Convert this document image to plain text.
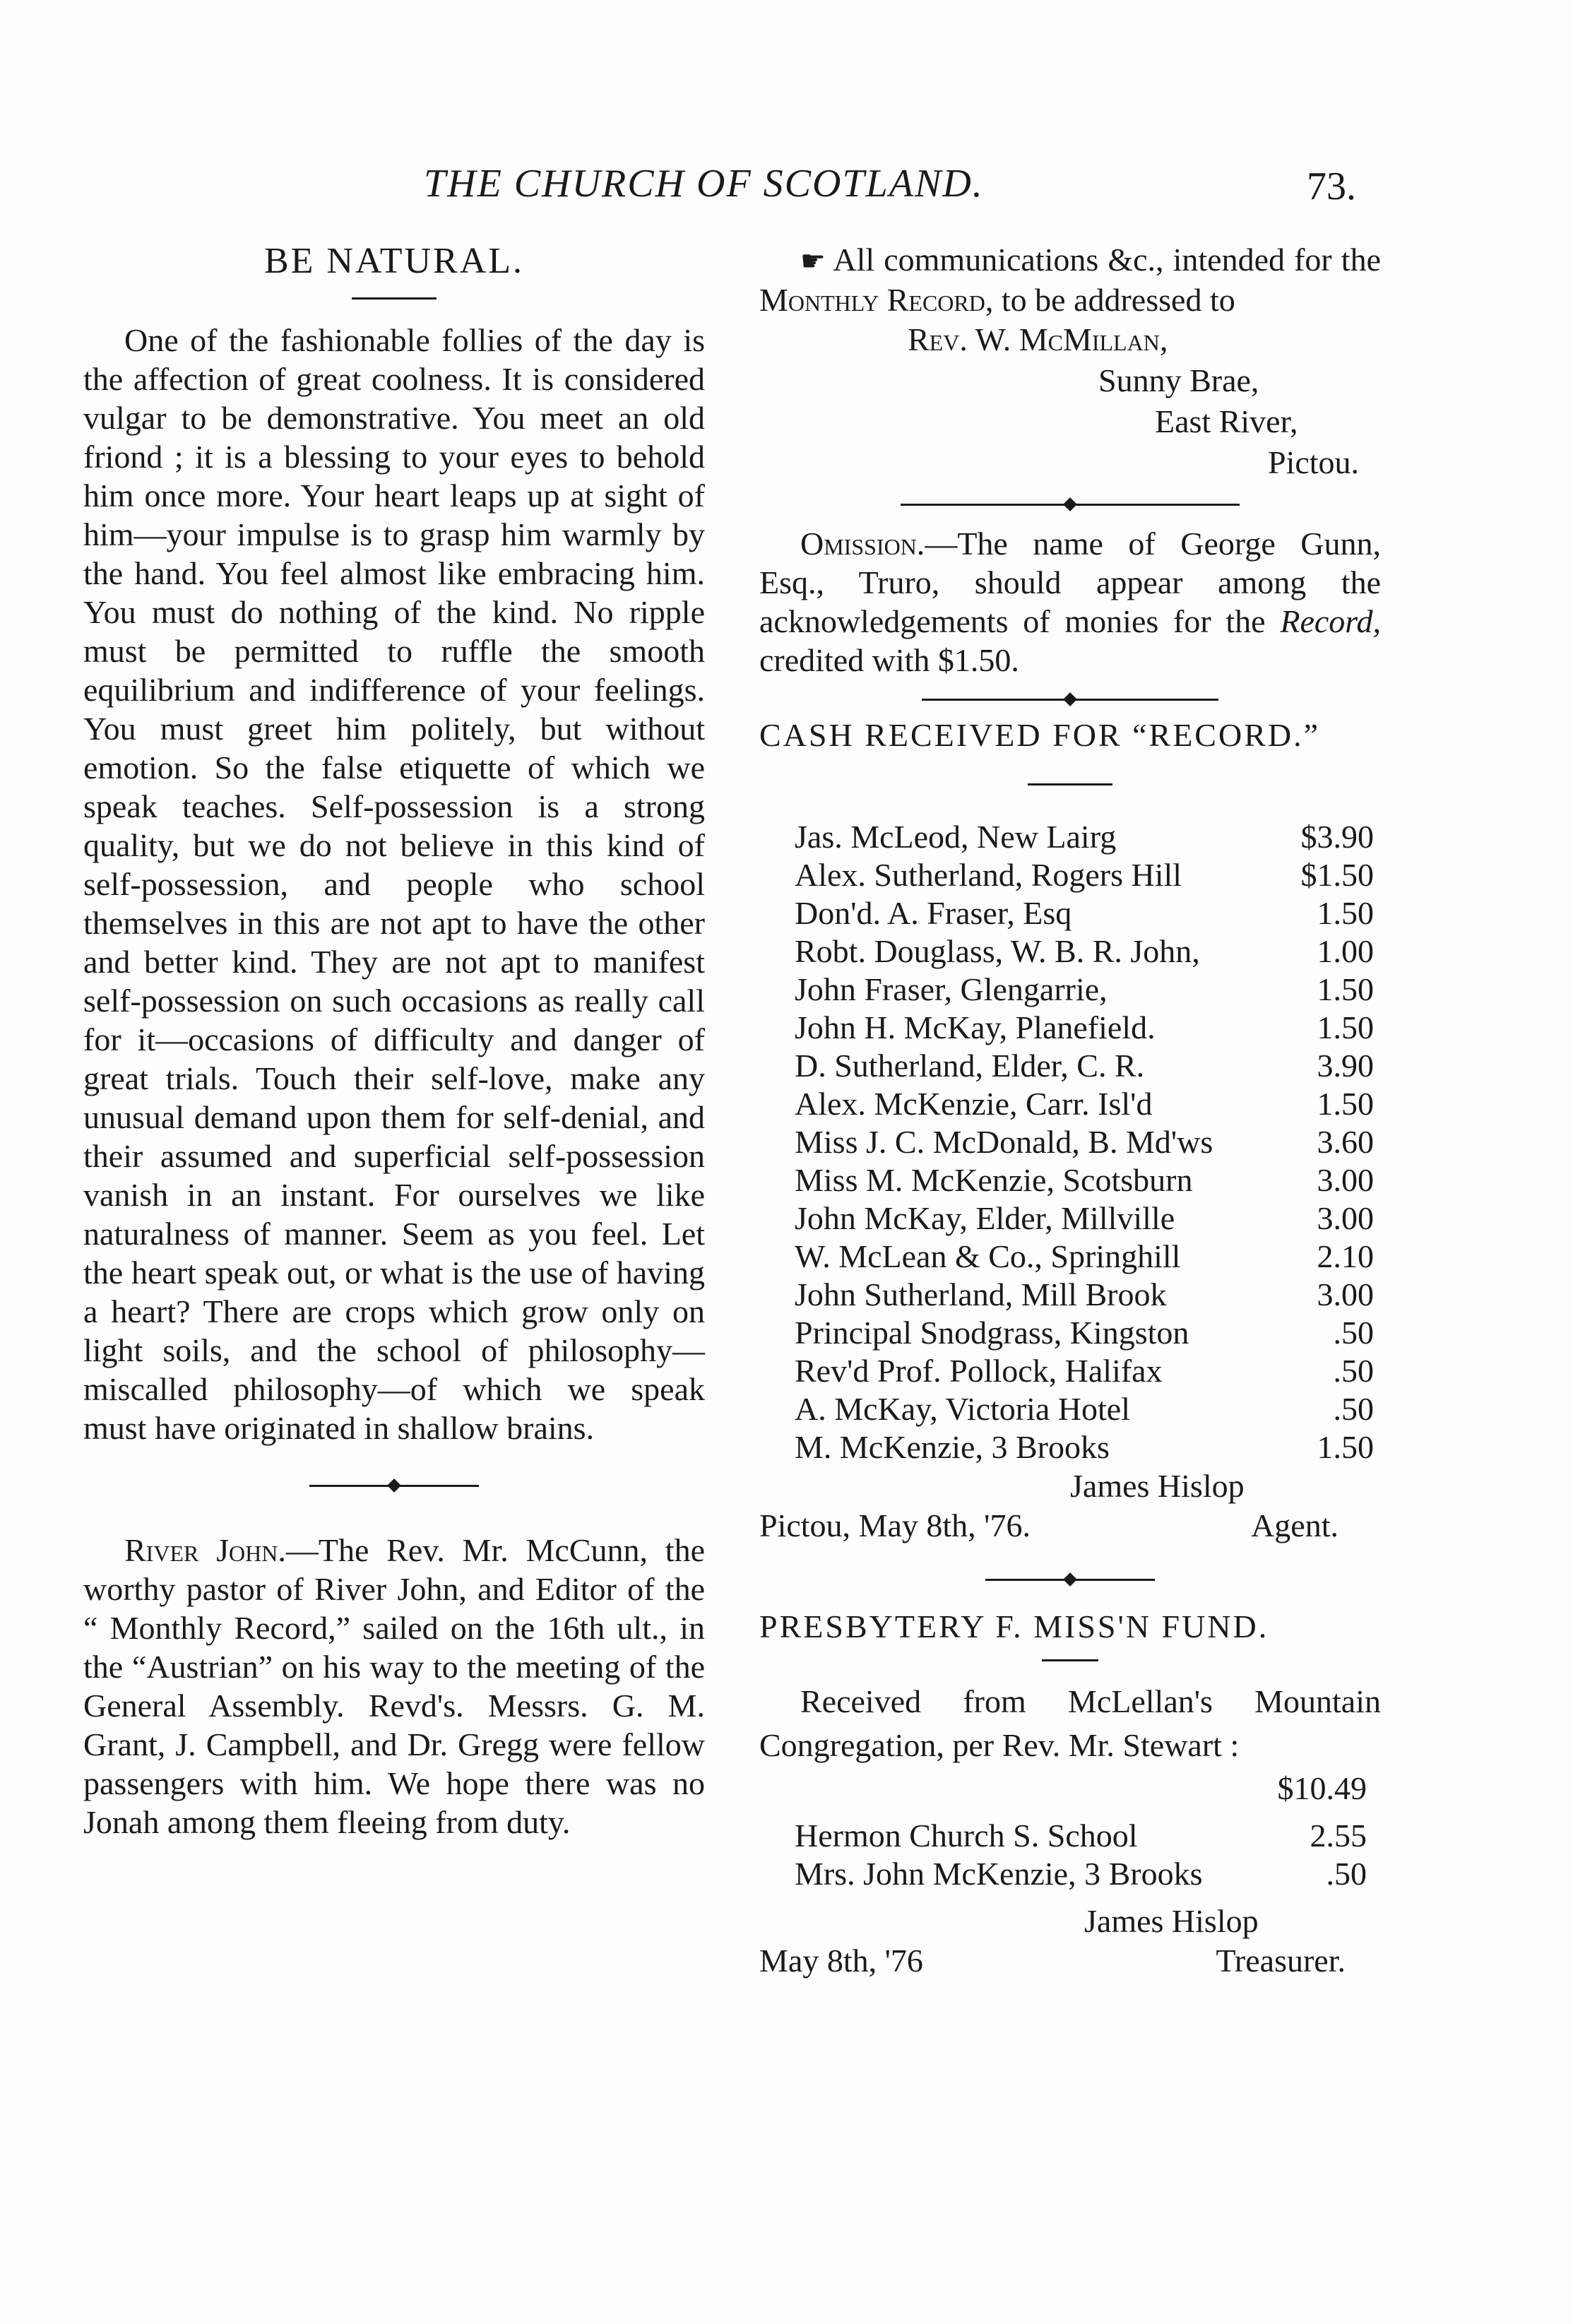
THE CHURCH OF SCOTLAND.	73.
BE NATURAL.

One of the fashionable follies of the day is the affection of great coolness. It is considered vulgar to be demonstrative. You meet an old friond ; it is a blessing to your eyes to behold him once more. Your heart leaps up at sight of him—your impulse is to grasp him warmly by the hand. You feel almost like embracing him. You must do nothing of the kind. No ripple must be permitted to ruffle the smooth equilibrium and indifference of your feelings. You must greet him politely, but without emotion. So the false etiquette of which we speak teaches. Self-possession is a strong quality, but we do not believe in this kind of self-possession, and people who school themselves in this are not apt to have the other and better kind. They are not apt to manifest self-possession on such occasions as really call for it—occasions of difficulty and danger of great trials. Touch their self-love, make any unusual demand upon them for self-denial, and their assumed and superficial self-possession vanish in an instant. For ourselves we like naturalness of manner. Seem as you feel. Let the heart speak out, or what is the use of having a heart? There are crops which grow only on light soils, and the school of philosophy—miscalled philosophy—of which we speak must have originated in shallow brains.

River John.—The Rev. Mr. McCunn, the worthy pastor of River John, and Editor of the “ Monthly Record,” sailed on the 16th ult., in the “Austrian” on his way to the meeting of the General Assembly. Revd's. Messrs. G. M. Grant, J. Campbell, and Dr. Gregg were fellow passengers with him. We hope there was no Jonah among them fleeing from duty.

☛ All communications &c., intended for the Monthly Record, to be addressed to

Rev. W. McMillan,

Sunny Brae,

East River,

Pictou.

Omission.—The name of George Gunn, Esq., Truro, should appear among the acknowledgements of monies for the Record, credited with $1.50.

CASH RECEIVED FOR “RECORD.”
Jas. McLeod, New Lairg	$3.90
Alex. Sutherland, Rogers Hill	$1.50
Don'd. A. Fraser, Esq	1.50
Robt. Douglass, W. B. R. John,	1.00
John Fraser, Glengarrie,	1.50
John H. McKay, Planefield.	1.50
D. Sutherland, Elder, C. R.	3.90
Alex. McKenzie, Carr. Isl'd	1.50
Miss J. C. McDonald, B. Md'ws	3.60
Miss M. McKenzie, Scotsburn	3.00
John McKay, Elder, Millville	3.00
W. McLean & Co., Springhill	2.10
John Sutherland, Mill Brook	3.00
Principal Snodgrass, Kingston	.50
Rev'd Prof. Pollock, Halifax	.50
A. McKay, Victoria Hotel	.50
M. McKenzie, 3 Brooks	1.50
James Hislop
Pictou, May 8th, '76.	Agent.
PRESBYTERY F. MISS'N FUND.

Received from McLellan's Mountain Congregation, per Rev. Mr. Stewart :

$10.49
Hermon Church S. School	2.55
Mrs. John McKenzie, 3 Brooks	.50
James Hislop
May 8th, '76	Treasurer.
